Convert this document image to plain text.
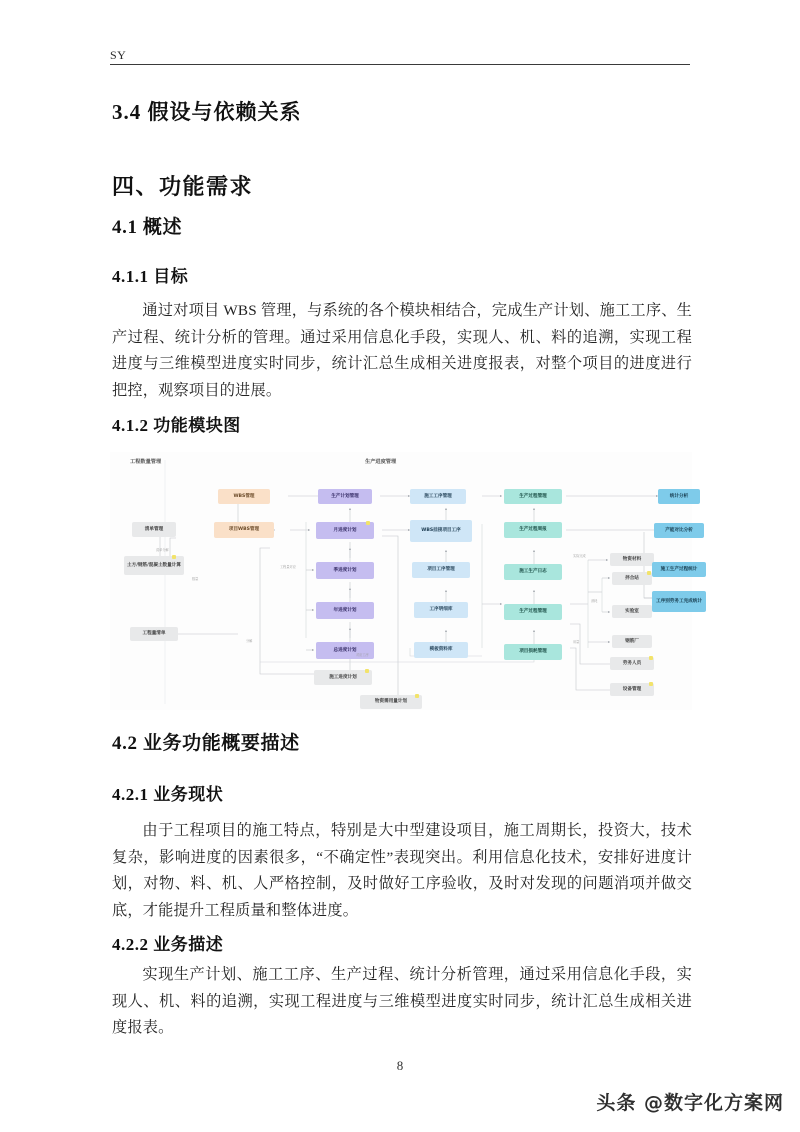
SY
3.4 假设与依赖关系
四、功能需求
4.1 概述
4.1.1 目标
4.1.2 功能模块图
4.2 业务功能概要描述
4.2.1 业务现状
4.2.2 业务描述
通过对项目 WBS 管理，与系统的各个模块相结合，完成生产计划、施工工序、生产过程、统计分析的管理。通过采用信息化手段，实现人、机、料的追溯，实现工程进度与三维模型进度实时同步，统计汇总生成相关进度报表，对整个项目的进度进行把控，观察项目的进展。
由于工程项目的施工特点，特别是大中型建设项目，施工周期长，投资大，技术复杂，影响进度的因素很多，“不确定性”表现突出。利用信息化技术，安排好进度计划，对物、料、机、人严格控制，及时做好工序验收，及时对发现的问题消项并做交底，才能提升工程质量和整体进度。
实现生产计划、施工工序、生产过程、统计分析管理，通过采用信息化手段，实现人、机、料的追溯，实现工程进度与三维模型进度实时同步，统计汇总生成相关进度报表。
工程数量管理	生产进度管理
清单管理
土方/钢筋/混凝土数量计算
工程量清单
WBS管理
项目WBS管理
生产计划管理
月进度计划
季进度计划
年进度计划
总进度计划
施工进度计划
物资需用量计划
施工工序管理
WBS挂接项目工序
项目工序管理
工序明细库
模板资料库
生产过程管理
生产过程周报
施工生产日志
生产过程管理
项目损耗管理
物资材料
拌合站
实验室
钢筋厂
劳务人员
设备管理
统计分析
产能对比分析
施工生产过程统计
工序别劳务工完成统计
清单分解
数量
工程量对应
分解
实际完成
消耗
用量
对应工序
8
头条 @数字化方案网
